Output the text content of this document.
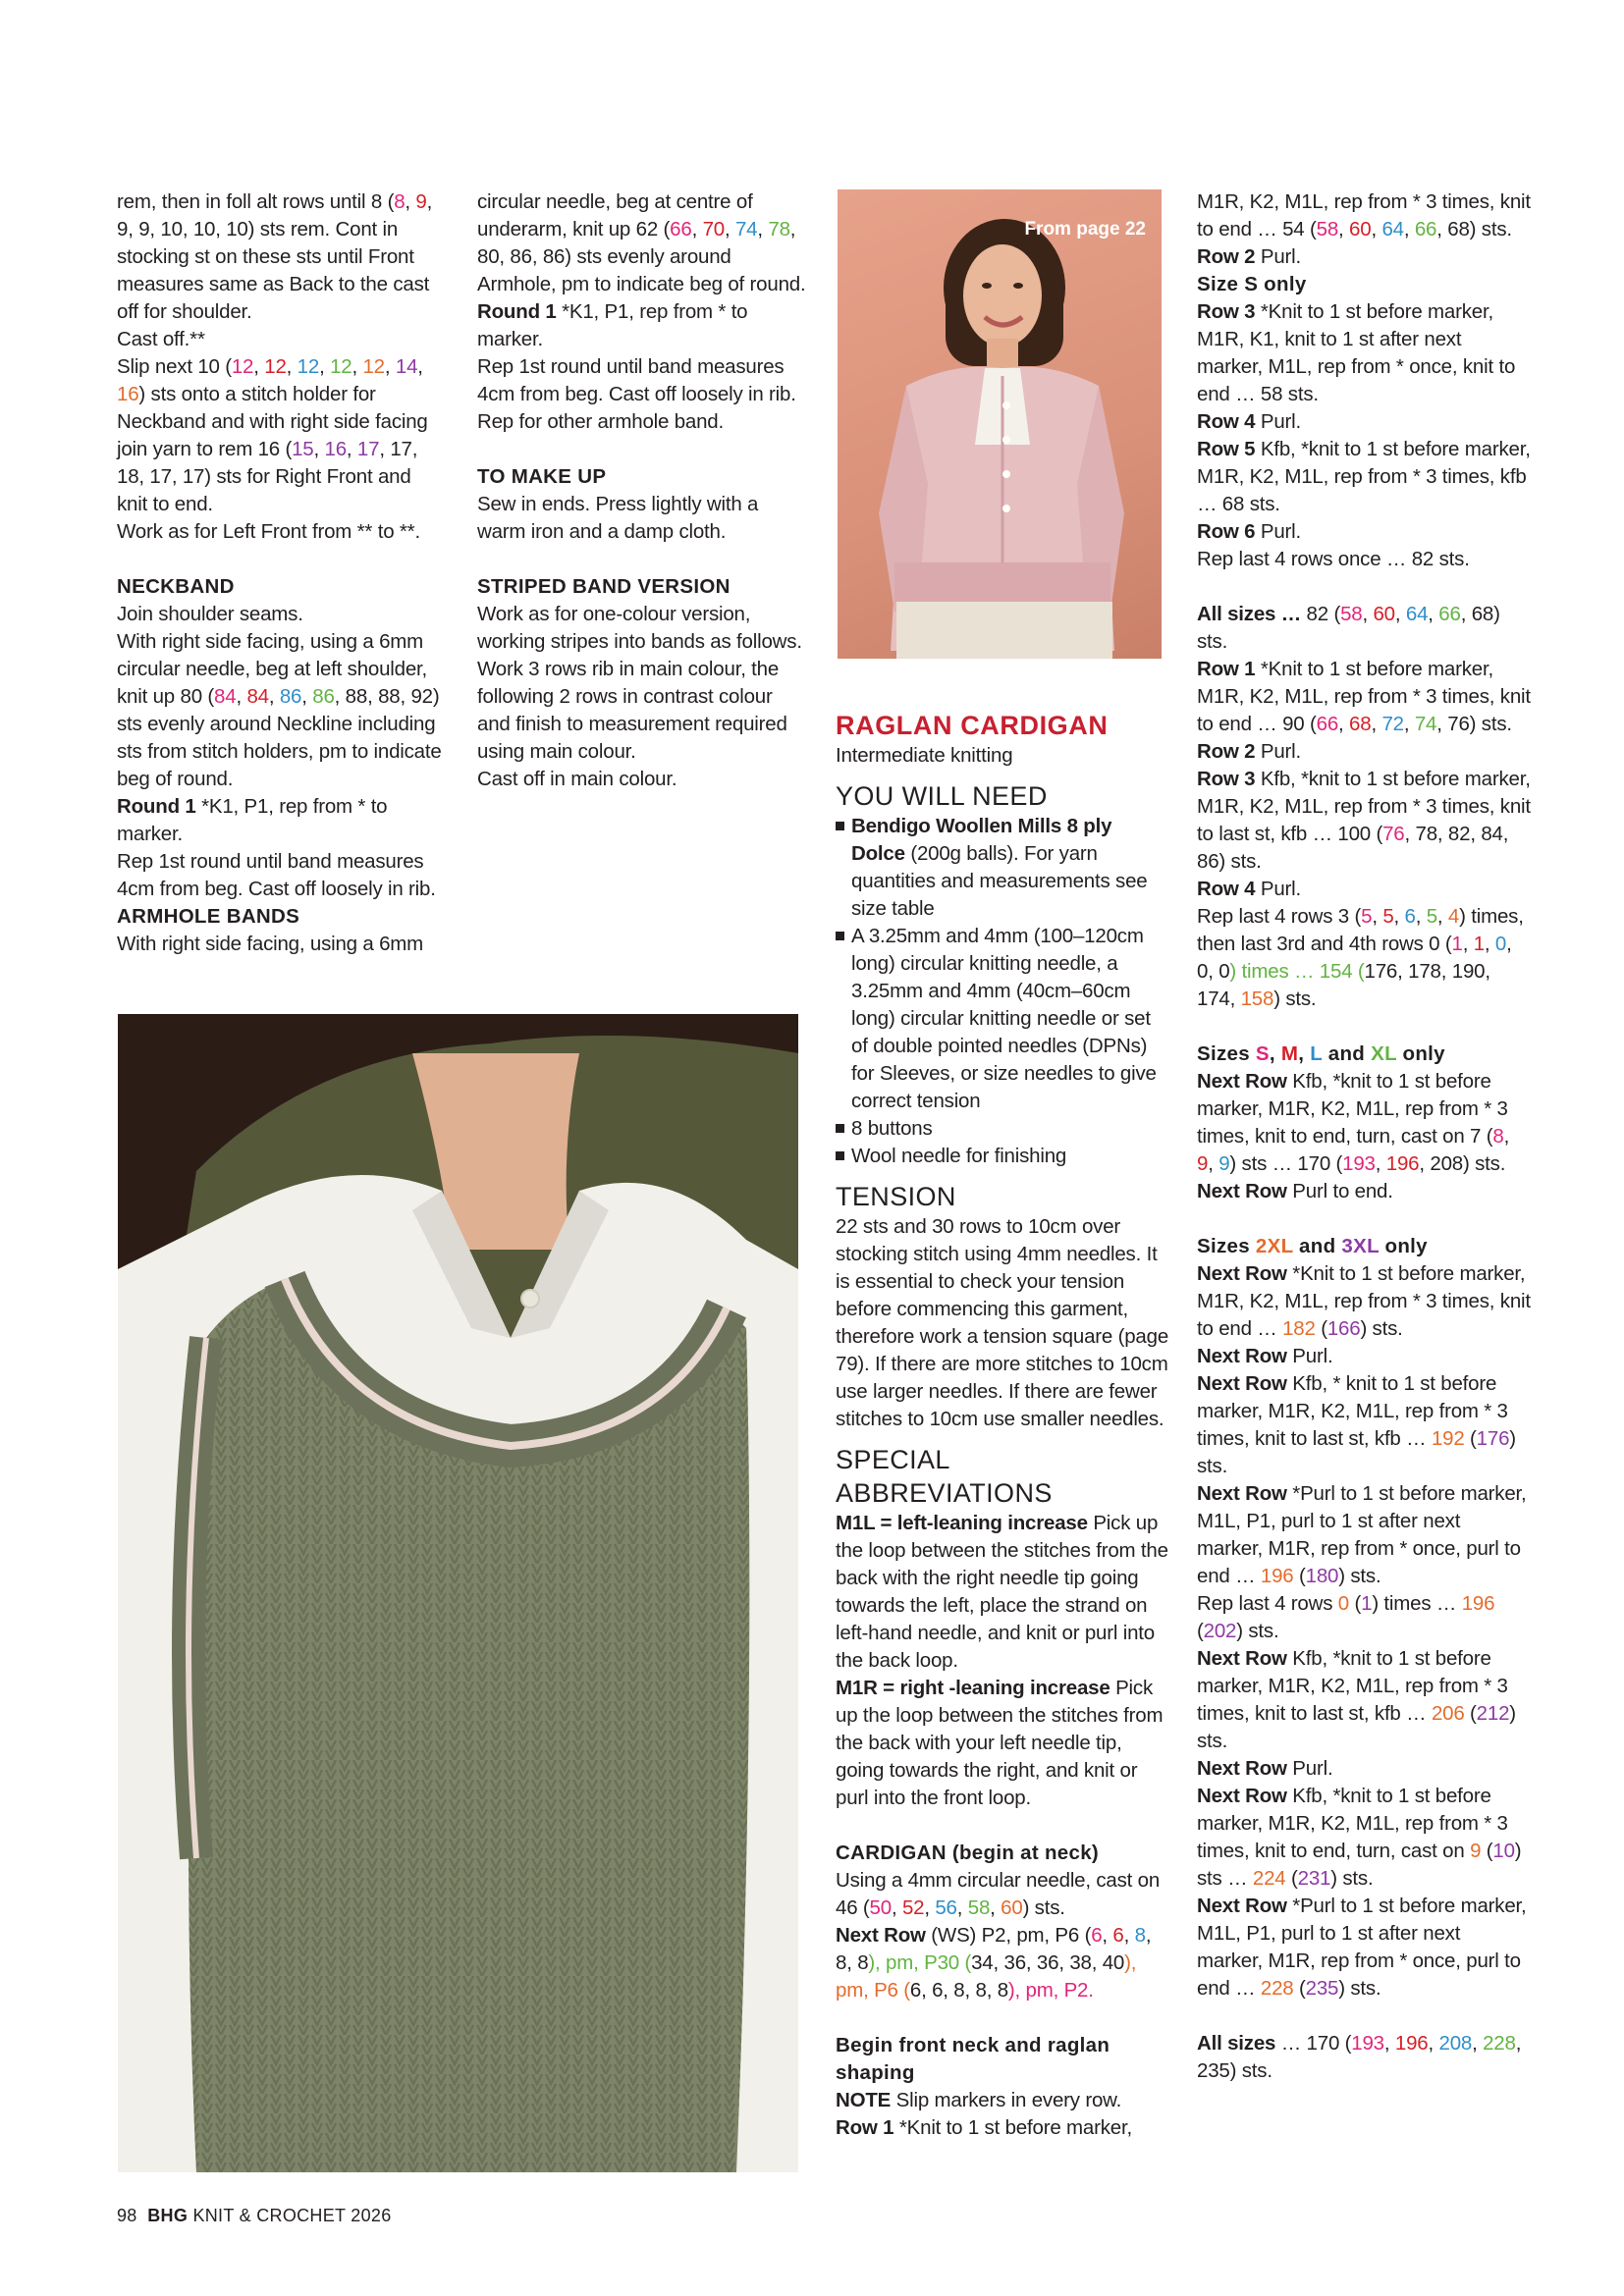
rem, then in foll alt rows until 8 (8, 9, 9, 9, 10, 10, 10) sts rem. Cont in stocking st on these sts until Front measures same as Back to the cast off for shoulder.

Cast off.**

Slip next 10 (12, 12, 12, 12, 12, 14, 16) sts onto a stitch holder for Neckband and with right side facing join yarn to rem 16 (15, 16, 17, 17, 18, 17, 17) sts for Right Front and knit to end.

Work as for Left Front from ** to **.

NECKBAND

Join shoulder seams.

With right side facing, using a 6mm circular needle, beg at left shoulder, knit up 80 (84, 84, 86, 86, 88, 88, 92) sts evenly around Neckline including sts from stitch holders, pm to indicate beg of round.

Round 1 *K1, P1, rep from * to marker.

Rep 1st round until band measures 4cm from beg. Cast off loosely in rib.

ARMHOLE BANDS

With right side facing, using a 6mm

circular needle, beg at centre of underarm, knit up 62 (66, 70, 74, 78, 80, 86, 86) sts evenly around Armhole, pm to indicate beg of round.

Round 1 *K1, P1, rep from * to marker.

Rep 1st round until band measures 4cm from beg. Cast off loosely in rib. Rep for other armhole band.

TO MAKE UP

Sew in ends. Press lightly with a warm iron and a damp cloth.

STRIPED BAND VERSION

Work as for one-colour version, working stripes into bands as follows.

Work 3 rows rib in main colour, the following 2 rows in contrast colour and finish to measurement required using main colour.

Cast off in main colour.

From page 22

RAGLAN CARDIGAN

Intermediate knitting

YOU WILL NEED

Bendigo Woollen Mills 8 ply Dolce (200g balls). For yarn quantities and measurements see size table
A 3.25mm and 4mm (100–120cm long) circular knitting needle, a 3.25mm and 4mm (40cm–60cm long) circular knitting needle or set of double pointed needles (DPNs) for Sleeves, or size needles to give correct tension
8 buttons
Wool needle for finishing

TENSION

22 sts and 30 rows to 10cm over stocking stitch using 4mm needles. It is essential to check your tension before commencing this garment, therefore work a tension square (page 79). If there are more stitches to 10cm use larger needles. If there are fewer stitches to 10cm use smaller needles.

SPECIAL ABBREVIATIONS

M1L = left-leaning increase Pick up the loop between the stitches from the back with the right needle tip going towards the left, place the strand on left-hand needle, and knit or purl into the back loop.

M1R = right -leaning increase Pick up the loop between the stitches from the back with your left needle tip, going towards the right, and knit or purl into the front loop.

CARDIGAN (begin at neck)

Using a 4mm circular needle, cast on 46 (50, 52, 56, 58, 60) sts.

Next Row (WS) P2, pm, P6 (6, 6, 8, 8, 8), pm, P30 (34, 36, 36, 38, 40), pm, P6 (6, 6, 8, 8, 8), pm, P2.

Begin front neck and raglan shaping

NOTE Slip markers in every row.

Row 1 *Knit to 1 st before marker,

M1R, K2, M1L, rep from * 3 times, knit to end … 54 (58, 60, 64, 66, 68) sts.

Row 2 Purl.

Size S only

Row 3 *Knit to 1 st before marker, M1R, K1, knit to 1 st after next marker, M1L, rep from * once, knit to end … 58 sts.

Row 4 Purl.

Row 5 Kfb, *knit to 1 st before marker, M1R, K2, M1L, rep from * 3 times, kfb … 68 sts.

Row 6 Purl.

Rep last 4 rows once … 82 sts.

All sizes … 82 (58, 60, 64, 66, 68) sts.

Row 1 *Knit to 1 st before marker, M1R, K2, M1L, rep from * 3 times, knit to end … 90 (66, 68, 72, 74, 76) sts.

Row 2 Purl.

Row 3 Kfb, *knit to 1 st before marker, M1R, K2, M1L, rep from * 3 times, knit to last st, kfb … 100 (76, 78, 82, 84, 86) sts.

Row 4 Purl.

Rep last 4 rows 3 (5, 5, 6, 5, 4) times, then last 3rd and 4th rows 0 (1, 1, 0, 0, 0) times … 154 (176, 178, 190, 174, 158) sts.

Sizes S, M, L and XL only

Next Row Kfb, *knit to 1 st before marker, M1R, K2, M1L, rep from * 3 times, knit to end, turn, cast on 7 (8, 9, 9) sts … 170 (193, 196, 208) sts.

Next Row Purl to end.

Sizes 2XL and 3XL only

Next Row *Knit to 1 st before marker, M1R, K2, M1L, rep from * 3 times, knit to end … 182 (166) sts.

Next Row Purl.

Next Row Kfb, * knit to 1 st before marker, M1R, K2, M1L, rep from * 3 times, knit to last st, kfb … 192 (176) sts.

Next Row *Purl to 1 st before marker, M1L, P1, purl to 1 st after next marker, M1R, rep from * once, purl to end … 196 (180) sts.

Rep last 4 rows 0 (1) times … 196 (202) sts.

Next Row Kfb, *knit to 1 st before marker, M1R, K2, M1L, rep from * 3 times, knit to last st, kfb … 206 (212) sts.

Next Row Purl.

Next Row Kfb, *knit to 1 st before marker, M1R, K2, M1L, rep from * 3 times, knit to end, turn, cast on 9 (10) sts … 224 (231) sts.

Next Row *Purl to 1 st before marker, M1L, P1, purl to 1 st after next marker, M1R, rep from * once, purl to end … 228 (235) sts.

All sizes … 170 (193, 196, 208, 228, 235) sts.

98 BHG KNIT & CROCHET 2026
